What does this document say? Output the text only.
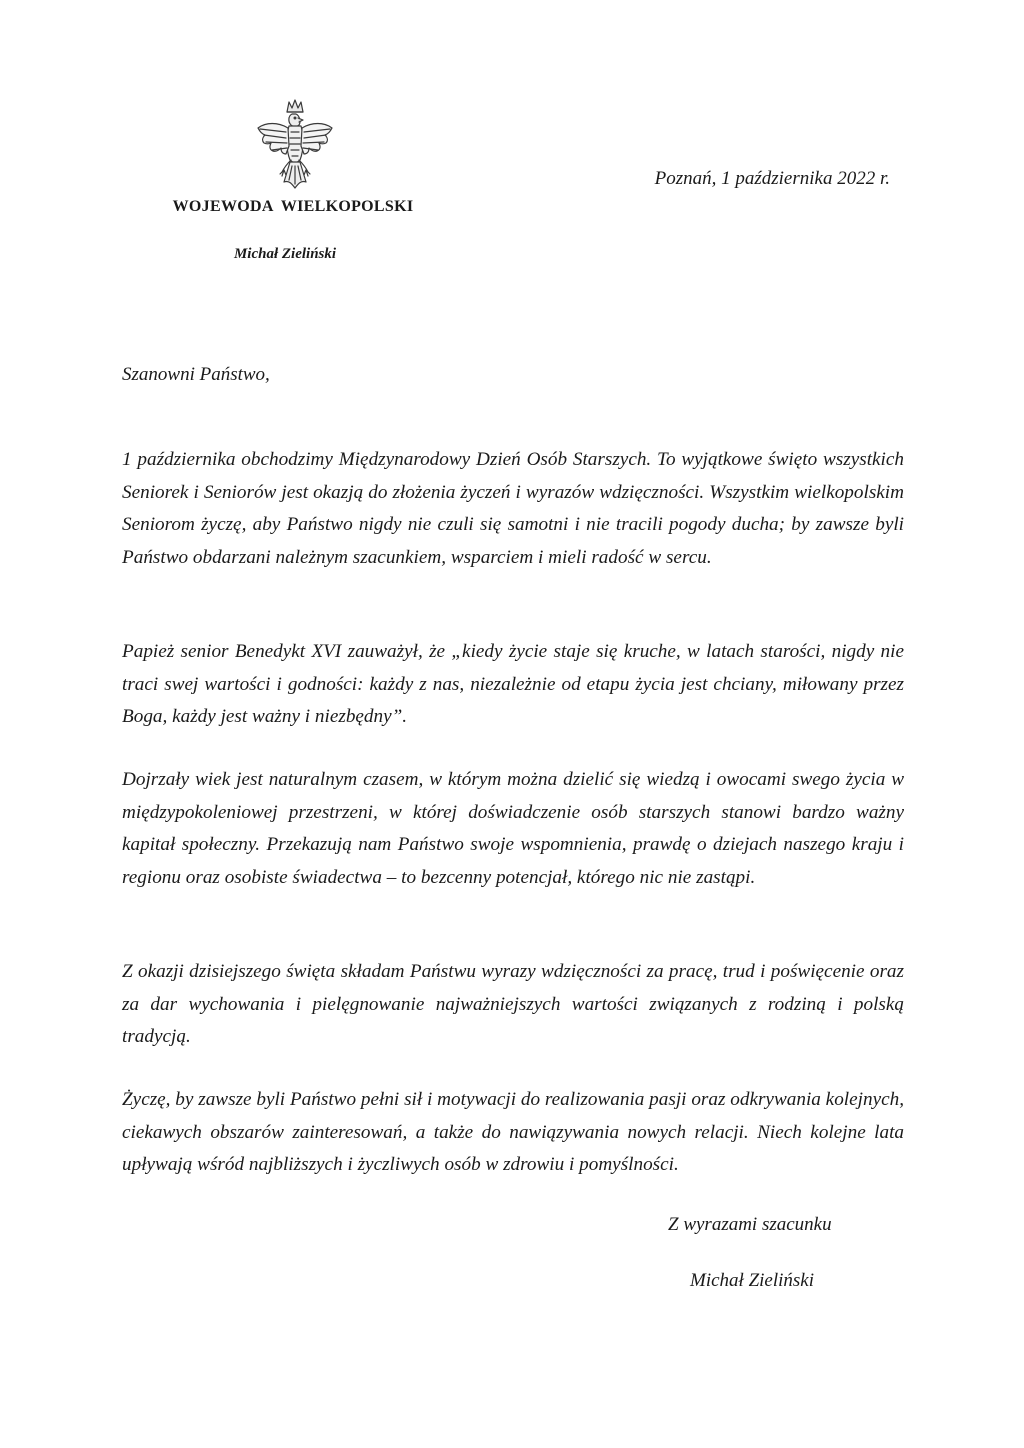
WOJEWODA WIELKOPOLSKI
Michał Zieliński
Poznań, 1 października 2022 r.
Szanowni Państwo,

1 października obchodzimy Międzynarodowy Dzień Osób Starszych. To wyjątkowe święto wszystkich Seniorek i Seniorów jest okazją do złożenia życzeń i wyrazów wdzięczności. Wszystkim wielkopolskim Seniorom życzę, aby Państwo nigdy nie czuli się samotni i nie tracili pogody ducha; by zawsze byli Państwo obdarzani należnym szacunkiem, wsparciem i mieli radość w sercu.

Papież senior Benedykt XVI zauważył, że „kiedy życie staje się kruche, w latach starości, nigdy nie traci swej wartości i godności: każdy z nas, niezależnie od etapu życia jest chciany, miłowany przez Boga, każdy jest ważny i niezbędny”.

Dojrzały wiek jest naturalnym czasem, w którym można dzielić się wiedzą i owocami swego życia w międzypokoleniowej przestrzeni, w której doświadczenie osób starszych stanowi bardzo ważny kapitał społeczny. Przekazują nam Państwo swoje wspomnienia, prawdę o dziejach naszego kraju i regionu oraz osobiste świadectwa – to bezcenny potencjał, którego nic nie zastąpi.

Z okazji dzisiejszego święta składam Państwu wyrazy wdzięczności za pracę, trud i poświęcenie oraz za dar wychowania i pielęgnowanie najważniejszych wartości związanych z rodziną i polską tradycją.

Życzę, by zawsze byli Państwo pełni sił i motywacji do realizowania pasji oraz odkrywania kolejnych, ciekawych obszarów zainteresowań, a także do nawiązywania nowych relacji. Niech kolejne lata upływają wśród najbliższych i życzliwych osób w zdrowiu i pomyślności.

Z wyrazami szacunku
Michał Zieliński
